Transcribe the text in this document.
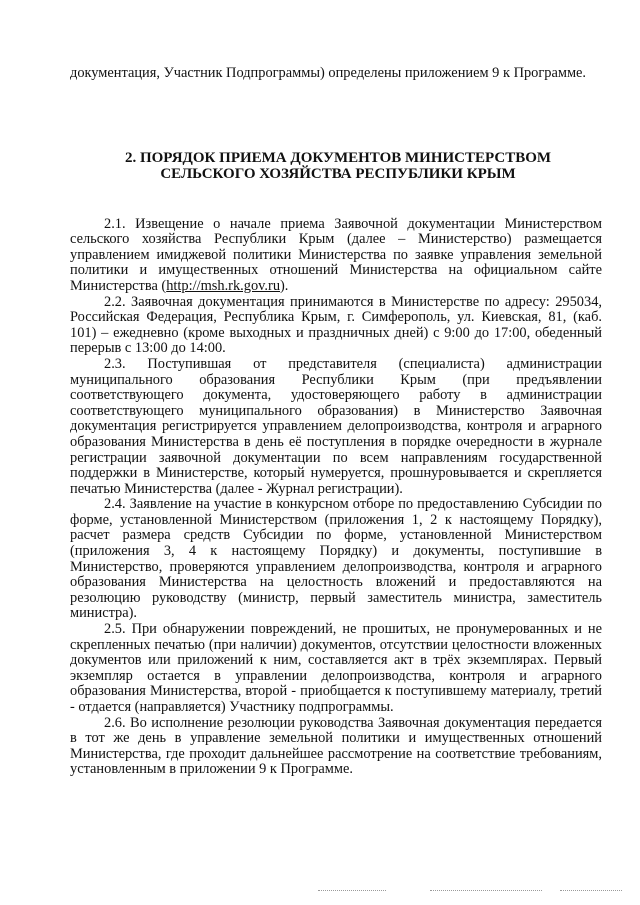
документация, Участник Подпрограммы) определены приложением 9 к Программе.

2. ПОРЯДОК ПРИЕМА ДОКУМЕНТОВ МИНИСТЕРСТВОМ
СЕЛЬСКОГО ХОЗЯЙСТВА РЕСПУБЛИКИ КРЫМ

2.1. Извещение о начале приема Заявочной документации Министерством сельского хозяйства Республики Крым (далее – Министерство) размещается управлением имиджевой политики Министерства по заявке управления земельной политики и имущественных отношений Министерства на официальном сайте Министерства (http://msh.rk.gov.ru).

2.2. Заявочная документация принимаются в Министерстве по адресу: 295034, Российская Федерация, Республика Крым, г. Симферополь, ул. Киевская, 81, (каб. 101) – ежедневно (кроме выходных и праздничных дней) с 9:00 до 17:00, обеденный перерыв с 13:00 до 14:00.

2.3. Поступившая от представителя (специалиста) администрации муниципального образования Республики Крым (при предъявлении соответствующего документа, удостоверяющего работу в администрации соответствующего муниципального образования) в Министерство Заявочная документация регистрируется управлением делопроизводства, контроля и аграрного образования Министерства в день её поступления в порядке очередности в журнале регистрации заявочной документации по всем направлениям государственной поддержки в Министерстве, который нумеруется, прошнуровывается и скрепляется печатью Министерства (далее - Журнал регистрации).

2.4. Заявление на участие в конкурсном отборе по предоставлению Субсидии по форме, установленной Министерством (приложения 1, 2 к настоящему Порядку), расчет размера средств Субсидии по форме, установленной Министерством (приложения 3, 4 к настоящему Порядку) и документы, поступившие в Министерство, проверяются управлением делопроизводства, контроля и аграрного образования Министерства на целостность вложений и предоставляются на резолюцию руководству (министр, первый заместитель министра, заместитель министра).

2.5. При обнаружении повреждений, не прошитых, не пронумерованных и не скрепленных печатью (при наличии) документов, отсутствии целостности вложенных документов или приложений к ним, составляется акт в трёх экземплярах. Первый экземпляр остается в управлении делопроизводства, контроля и аграрного образования Министерства, второй - приобщается к поступившему материалу, третий - отдается (направляется) Участнику подпрограммы.

2.6. Во исполнение резолюции руководства Заявочная документация передается в тот же день в управление земельной политики и имущественных отношений Министерства, где проходит дальнейшее рассмотрение на соответствие требованиям, установленным в приложении 9 к Программе.
